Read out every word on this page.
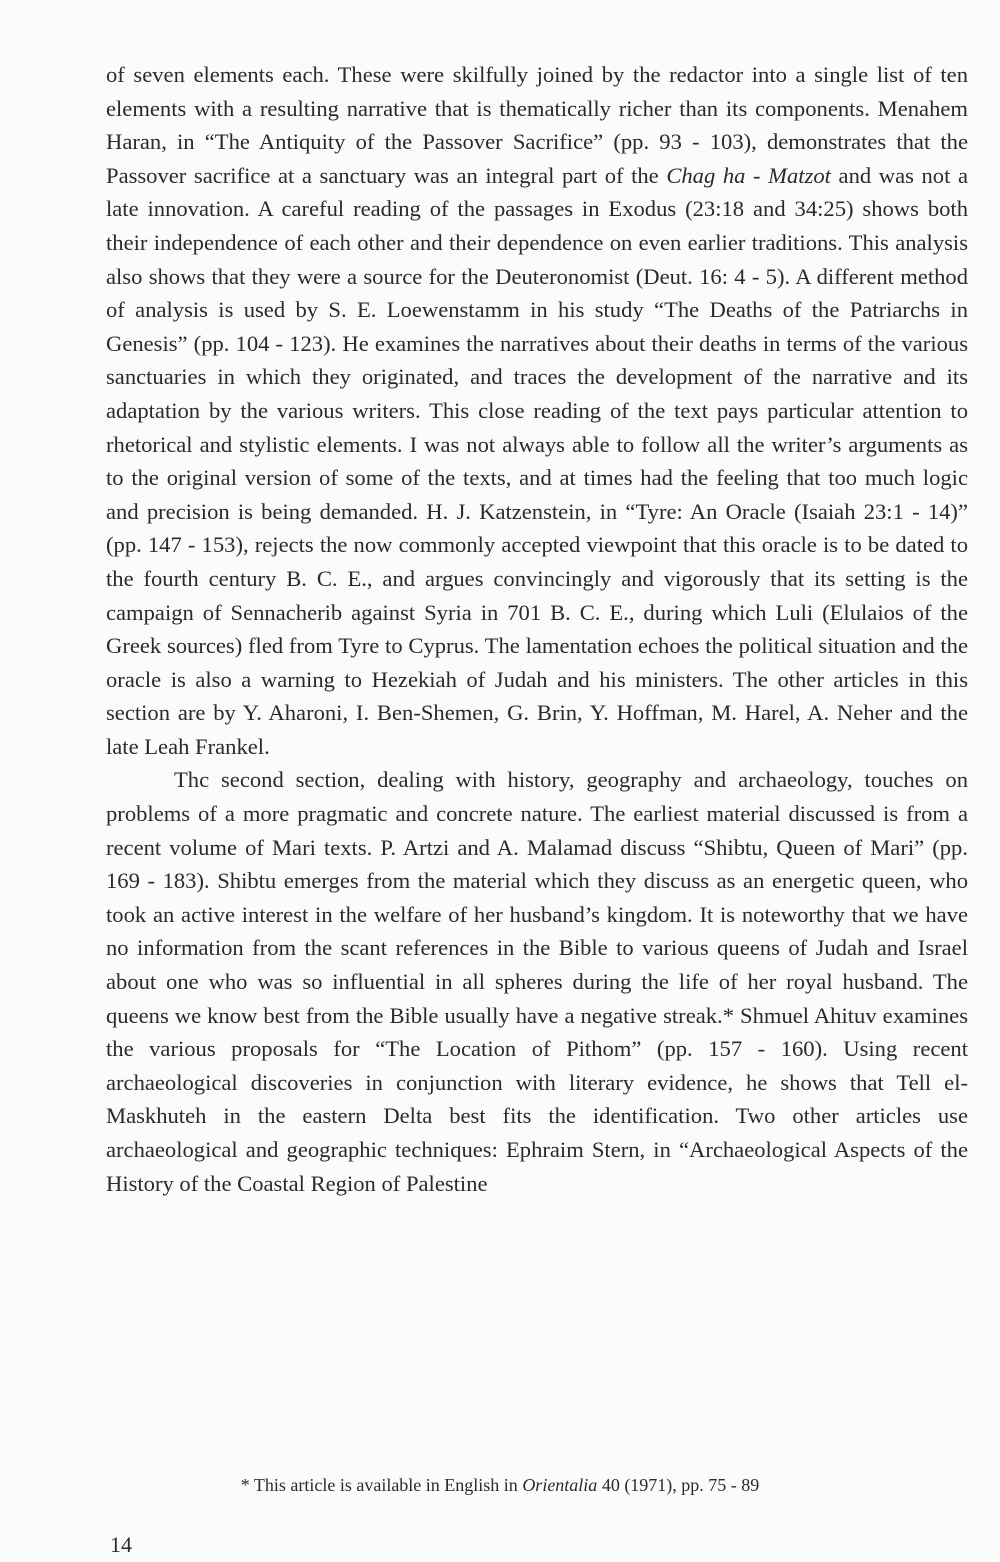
of seven elements each. These were skilfully joined by the redactor into a single list of ten elements with a resulting narrative that is thematically richer than its components. Menahem Haran, in “The Antiquity of the Passover Sacrifice” (pp. 93 - 103), demonstrates that the Passover sacrifice at a sanctuary was an integral part of the Chag ha - Matzot and was not a late innovation. A careful reading of the passages in Exodus (23:18 and 34:25) shows both their independence of each other and their dependence on even earlier traditions. This analysis also shows that they were a source for the Deuteronomist (Deut. 16: 4 - 5). A different method of analysis is used by S. E. Loewenstamm in his study “The Deaths of the Patriarchs in Genesis” (pp. 104 - 123). He examines the narratives about their deaths in terms of the various sanctuaries in which they originated, and traces the development of the narrative and its adaptation by the various writers. This close reading of the text pays particular attention to rhetorical and stylistic elements. I was not always able to follow all the writer’s arguments as to the original version of some of the texts, and at times had the feeling that too much logic and precision is being demanded. H. J. Katzenstein, in “Tyre: An Oracle (Isaiah 23:1 - 14)” (pp. 147 - 153), rejects the now commonly accepted viewpoint that this oracle is to be dated to the fourth century B. C. E., and argues convincingly and vigorously that its setting is the campaign of Sennacherib against Syria in 701 B. C. E., during which Luli (Elulaios of the Greek sources) fled from Tyre to Cyprus. The lamentation echoes the political situation and the oracle is also a warning to Hezekiah of Judah and his ministers. The other articles in this section are by Y. Aharoni, I. Ben-Shemen, G. Brin, Y. Hoffman, M. Harel, A. Neher and the late Leah Frankel.

Thc second section, dealing with history, geography and archaeology, touches on problems of a more pragmatic and concrete nature. The earliest material discussed is from a recent volume of Mari texts. P. Artzi and A. Malamad discuss “Shibtu, Queen of Mari” (pp. 169 - 183). Shibtu emerges from the material which they discuss as an energetic queen, who took an active interest in the welfare of her husband’s kingdom. It is noteworthy that we have no information from the scant references in the Bible to various queens of Judah and Israel about one who was so influential in all spheres during the life of her royal husband. The queens we know best from the Bible usually have a negative streak.* Shmuel Ahituv examines the various proposals for “The Location of Pithom” (pp. 157 - 160). Using recent archaeological discoveries in conjunction with literary evidence, he shows that Tell el-Maskhuteh in the eastern Delta best fits the identification. Two other articles use archaeological and geographic techniques: Ephraim Stern, in “Archaeological Aspects of the History of the Coastal Region of Palestine

* This article is available in English in Orientalia 40 (1971), pp. 75 - 89
14
